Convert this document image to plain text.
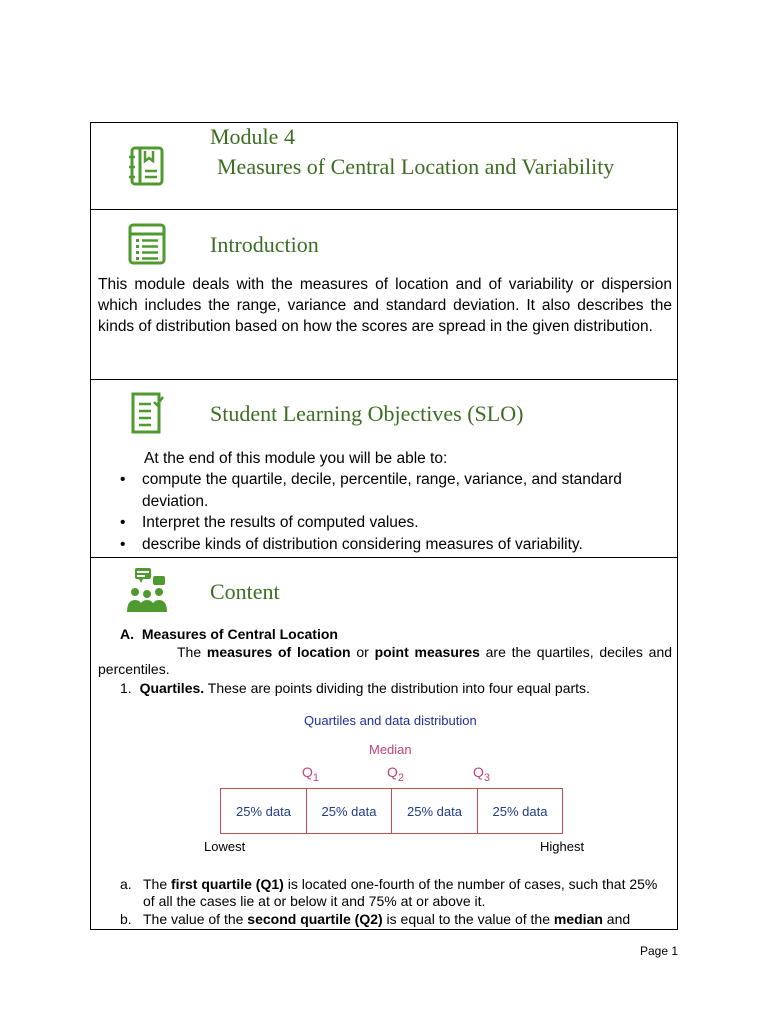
Module 4
Measures of Central Location and Variability
Introduction
This module deals with the measures of location and of variability or dispersion which includes the range, variance and standard deviation. It also describes the kinds of distribution based on how the scores are spread in the given distribution.
Student Learning Objectives (SLO)
At the end of this module you will be able to:
• compute the quartile, decile, percentile, range, variance, and standard deviation.
• Interpret the results of computed values.
• describe kinds of distribution considering measures of variability.
Content
A. Measures of Central Location
The measures of location or point measures are the quartiles, deciles and percentiles.
1. Quartiles. These are points dividing the distribution into four equal parts.
Quartiles and data distribution
Median
$Q_1$	$Q_2$	$Q_3$
25% data	25% data	25% data	25% data
Lowest	Highest
a. The first quartile (Q1) is located one-fourth of the number of cases, such that 25% of all the cases lie at or below it and 75% at or above it.
b. The value of the second quartile (Q2) is equal to the value of the median and
Page 1
